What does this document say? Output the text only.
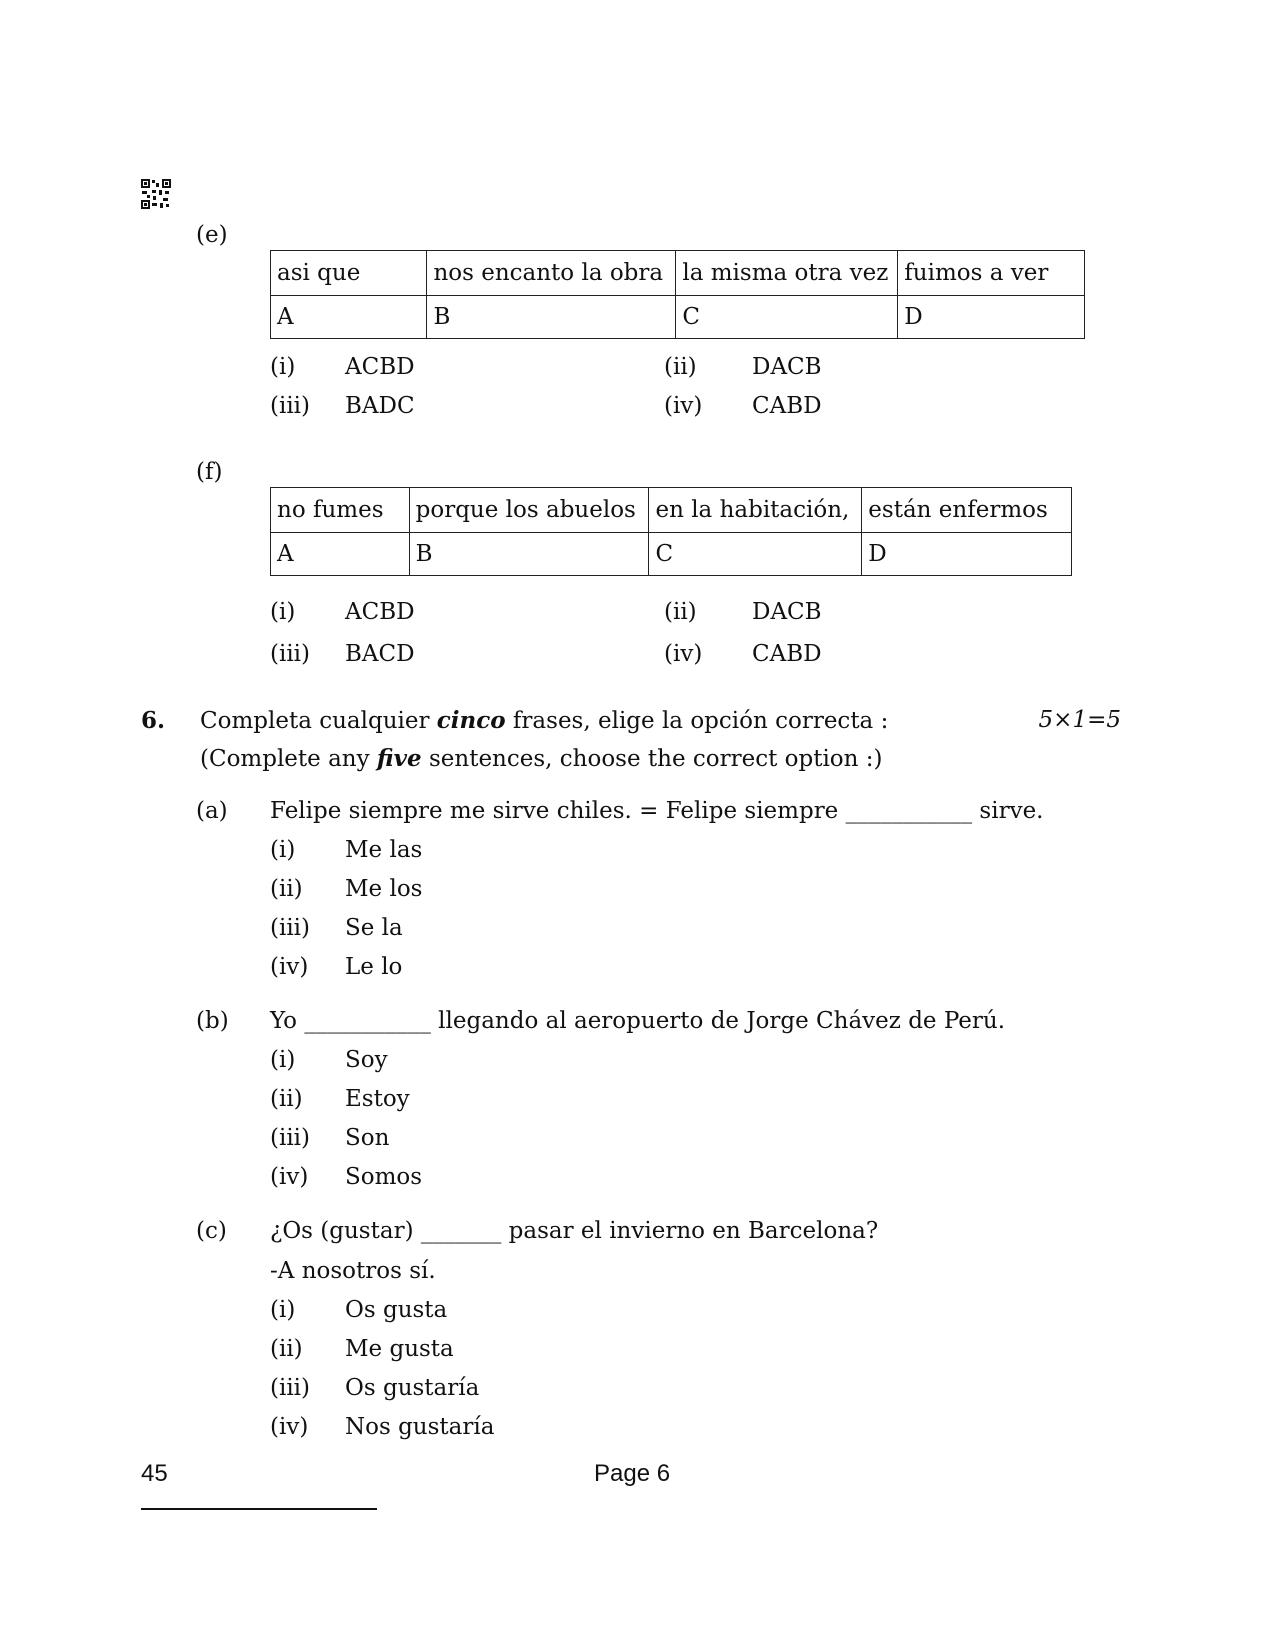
(e)
asi que	nos encanto la obra	la misma otra vez	fuimos a ver
A	B	C	D
(i) ACBD	(ii) DACB
(iii) BADC	(iv) CABD
(f)
no fumes	porque los abuelos	en la habitación,	están enfermos
A	B	C	D
(i) ACBD	(ii) DACB
(iii) BACD	(iv) CABD
6. Completa cualquier cinco frases, elige la opción correcta :	5×1=5
(Complete any five sentences, choose the correct option :)
(a) Felipe siempre me sirve chiles. = Felipe siempre ___________ sirve.
(i) Me las
(ii) Me los
(iii) Se la
(iv) Le lo
(b) Yo ___________ llegando al aeropuerto de Jorge Chávez de Perú.
(i) Soy
(ii) Estoy
(iii) Son
(iv) Somos
(c) ¿Os (gustar) _______ pasar el invierno en Barcelona?
-A nosotros sí.
(i) Os gusta
(ii) Me gusta
(iii) Os gustaría
(iv) Nos gustaría
45	Page 6
